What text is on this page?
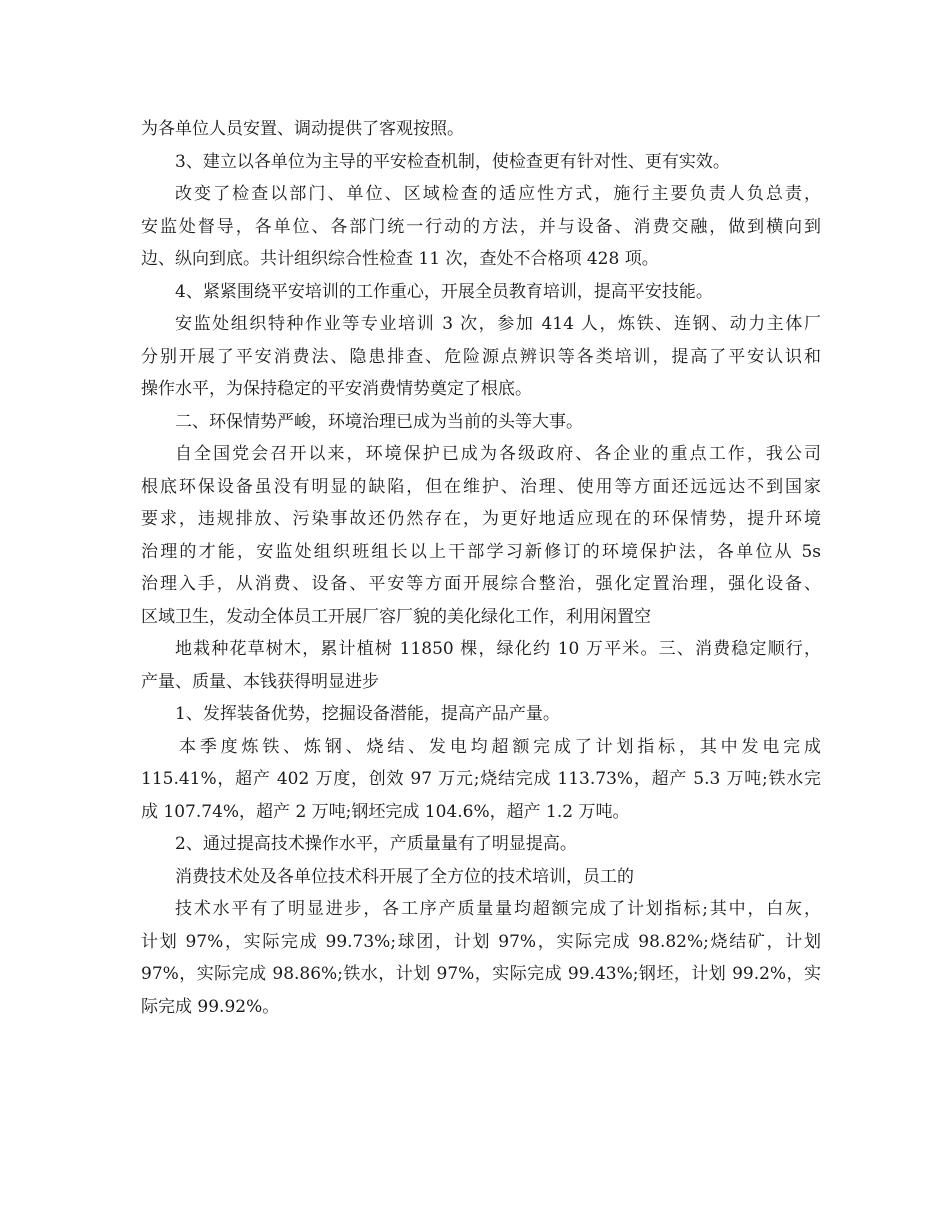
为各单位人员安置、调动提供了客观按照。
3、建立以各单位为主导的平安检查机制，使检查更有针对性、更有实效。
改变了检查以部门、单位、区域检查的适应性方式，施行主要负责人负总责，
安监处督导，各单位、各部门统一行动的方法，并与设备、消费交融，做到横向到
边、纵向到底。共计组织综合性检查 11 次，查处不合格项 428 项。
4、紧紧围绕平安培训的工作重心，开展全员教育培训，提高平安技能。
安监处组织特种作业等专业培训 3 次，参加 414 人，炼铁、连钢、动力主体厂
分别开展了平安消费法、隐患排查、危险源点辨识等各类培训，提高了平安认识和
操作水平，为保持稳定的平安消费情势奠定了根底。
二、环保情势严峻，环境治理已成为当前的头等大事。
自全国党会召开以来，环境保护已成为各级政府、各企业的重点工作，我公司
根底环保设备虽没有明显的缺陷，但在维护、治理、使用等方面还远远达不到国家
要求，违规排放、污染事故还仍然存在，为更好地适应现在的环保情势，提升环境
治理的才能，安监处组织班组长以上干部学习新修订的环境保护法，各单位从 5s
治理入手，从消费、设备、平安等方面开展综合整治，强化定置治理，强化设备、
区域卫生，发动全体员工开展厂容厂貌的美化绿化工作，利用闲置空
地栽种花草树木，累计植树 11850 棵，绿化约 10 万平米。三、消费稳定顺行，
产量、质量、本钱获得明显进步
1、发挥装备优势，挖掘设备潜能，提高产品产量。
本季度炼铁、炼钢、烧结、发电均超额完成了计划指标，其中发电完成
115.41%，超产 402 万度，创效 97 万元;烧结完成 113.73%，超产 5.3 万吨;铁水完
成 107.74%，超产 2 万吨;钢坯完成 104.6%，超产 1.2 万吨。
2、通过提高技术操作水平，产质量量有了明显提高。
消费技术处及各单位技术科开展了全方位的技术培训，员工的
技术水平有了明显进步，各工序产质量量均超额完成了计划指标;其中，白灰，
计划 97%，实际完成 99.73%;球团，计划 97%，实际完成 98.82%;烧结矿，计划
97%，实际完成 98.86%;铁水，计划 97%，实际完成 99.43%;钢坯，计划 99.2%，实
际完成 99.92%。
